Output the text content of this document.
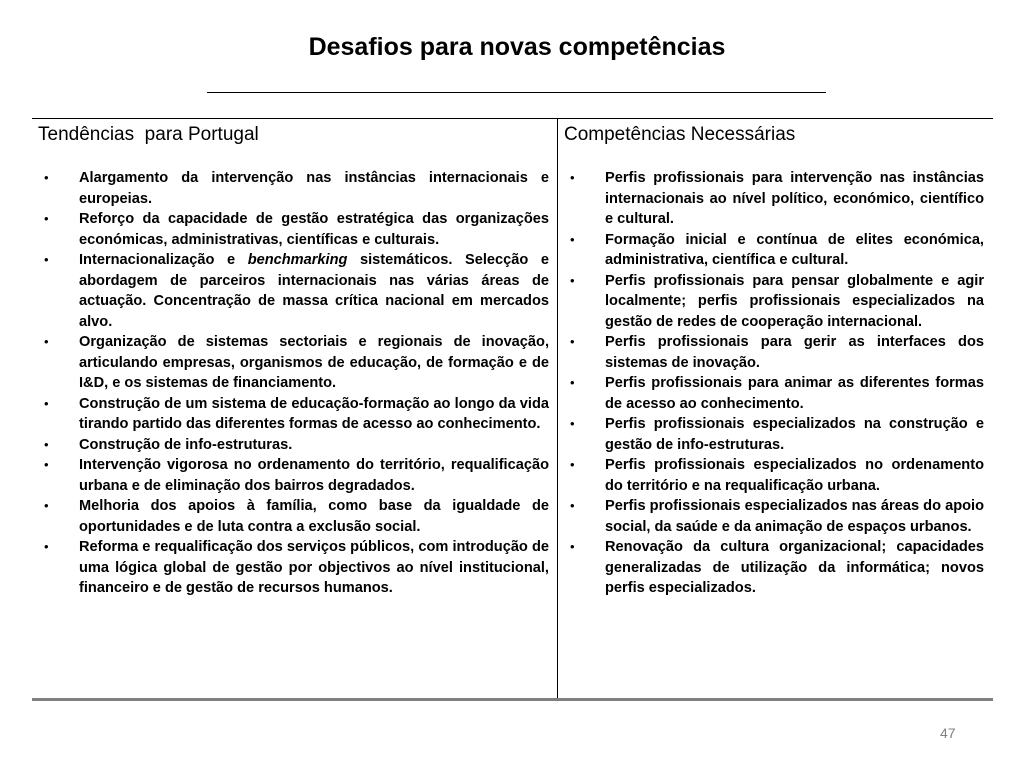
Desafios para novas competências
Tendências  para Portugal
• Alargamento da intervenção nas instâncias internacionais e europeias.
• Reforço da capacidade de gestão estratégica das organizações económicas, administrativas, científicas e culturais.
• Internacionalização e benchmarking sistemáticos. Selecção e abordagem de parceiros internacionais nas várias áreas de actuação. Concentração de massa crítica nacional em mercados alvo.
• Organização de sistemas sectoriais e regionais de inovação, articulando empresas, organismos de educação, de formação e de I&D, e os sistemas de financiamento.
• Construção de um sistema de educação-formação ao longo da vida tirando partido das diferentes formas de acesso ao conhecimento.
• Construção de info-estruturas.
• Intervenção vigorosa no ordenamento do território, requalificação urbana e de eliminação dos bairros degradados.
• Melhoria dos apoios à família, como base da igualdade de oportunidades e de luta contra a exclusão social.
• Reforma e requalificação dos serviços públicos, com introdução de uma lógica global de gestão por objectivos ao nível institucional, financeiro e de gestão de recursos humanos.
Competências Necessárias
• Perfis profissionais para intervenção nas instâncias internacionais ao nível político, económico, científico e cultural.
• Formação inicial e contínua de elites económica, administrativa, científica e cultural.
• Perfis profissionais para pensar globalmente e agir localmente; perfis profissionais especializados na gestão de redes de cooperação internacional.
• Perfis profissionais para gerir as interfaces dos sistemas de inovação.
• Perfis profissionais para animar as diferentes formas de acesso ao conhecimento.
• Perfis profissionais especializados na construção e gestão de info-estruturas.
• Perfis profissionais especializados no ordenamento do território e na requalificação urbana.
• Perfis profissionais especializados nas áreas do apoio social, da saúde e da animação de espaços urbanos.
• Renovação da cultura organizacional; capacidades generalizadas de utilização da informática; novos perfis especializados.
47
